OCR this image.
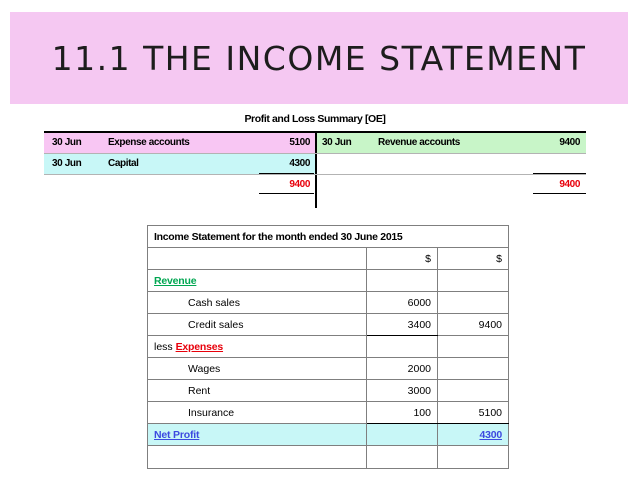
11.1 THE INCOME STATEMENT
Profit and Loss Summary [OE]
30 Jun	Expense accounts	5100 30 Jun	Revenue accounts	9400
30 Jun	Capital	4300
9400	9400
Income Statement for the month ended 30 June 2015		
	$	$
Revenue		
Cash sales	6000	
Credit sales	3400	9400
less Expenses		
Wages	2000	
Rent	3000	
Insurance	100	5100
Net Profit		4300
